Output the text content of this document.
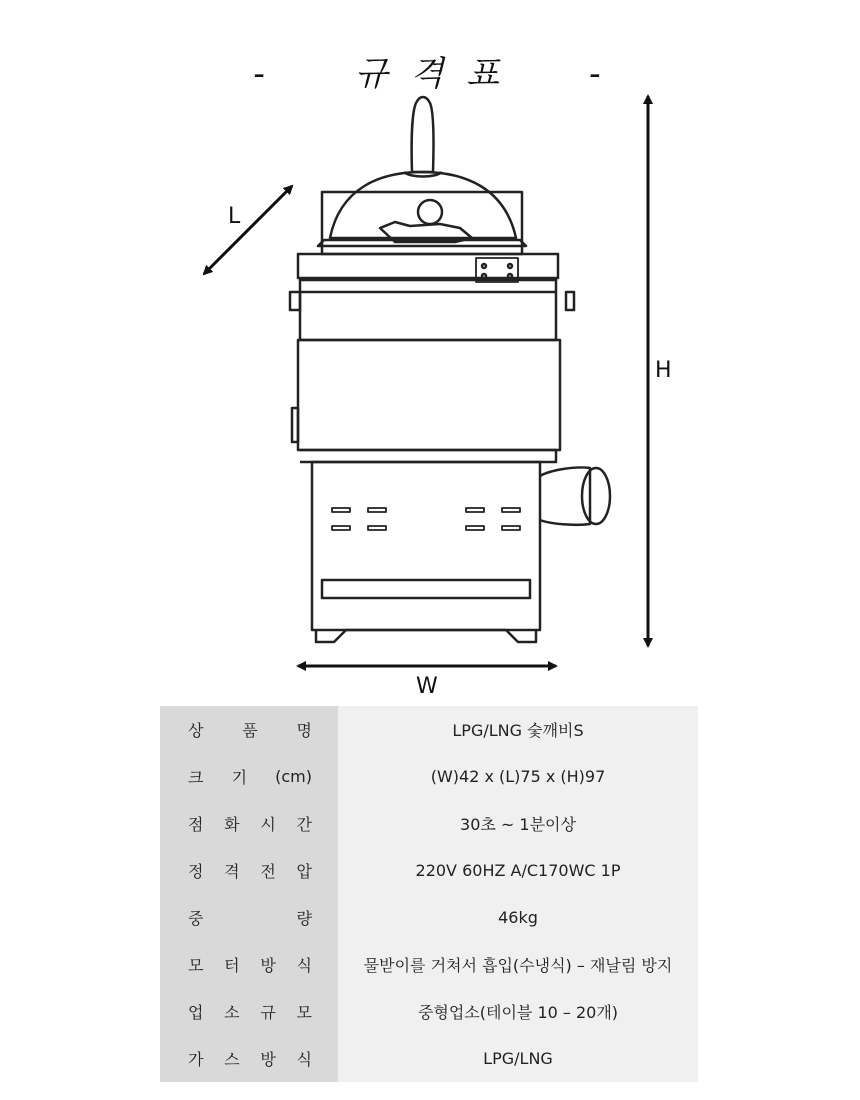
- 규 격 표 -
L
H
W
상 품 명	LPG/LNG 숯깨비S

크 기 (cm)	(W)42 x (L)75 x (H)97

점 화 시 간	30초 ~ 1분이상

정 격 전 압	220V 60HZ A/C170WC 1P

중 량	46kg

모 터 방 식	물받이를 거쳐서 흡입(수냉식) – 재날림 방지

업 소 규 모	중형업소(테이블 10 – 20개)

가 스 방 식	LPG/LNG
